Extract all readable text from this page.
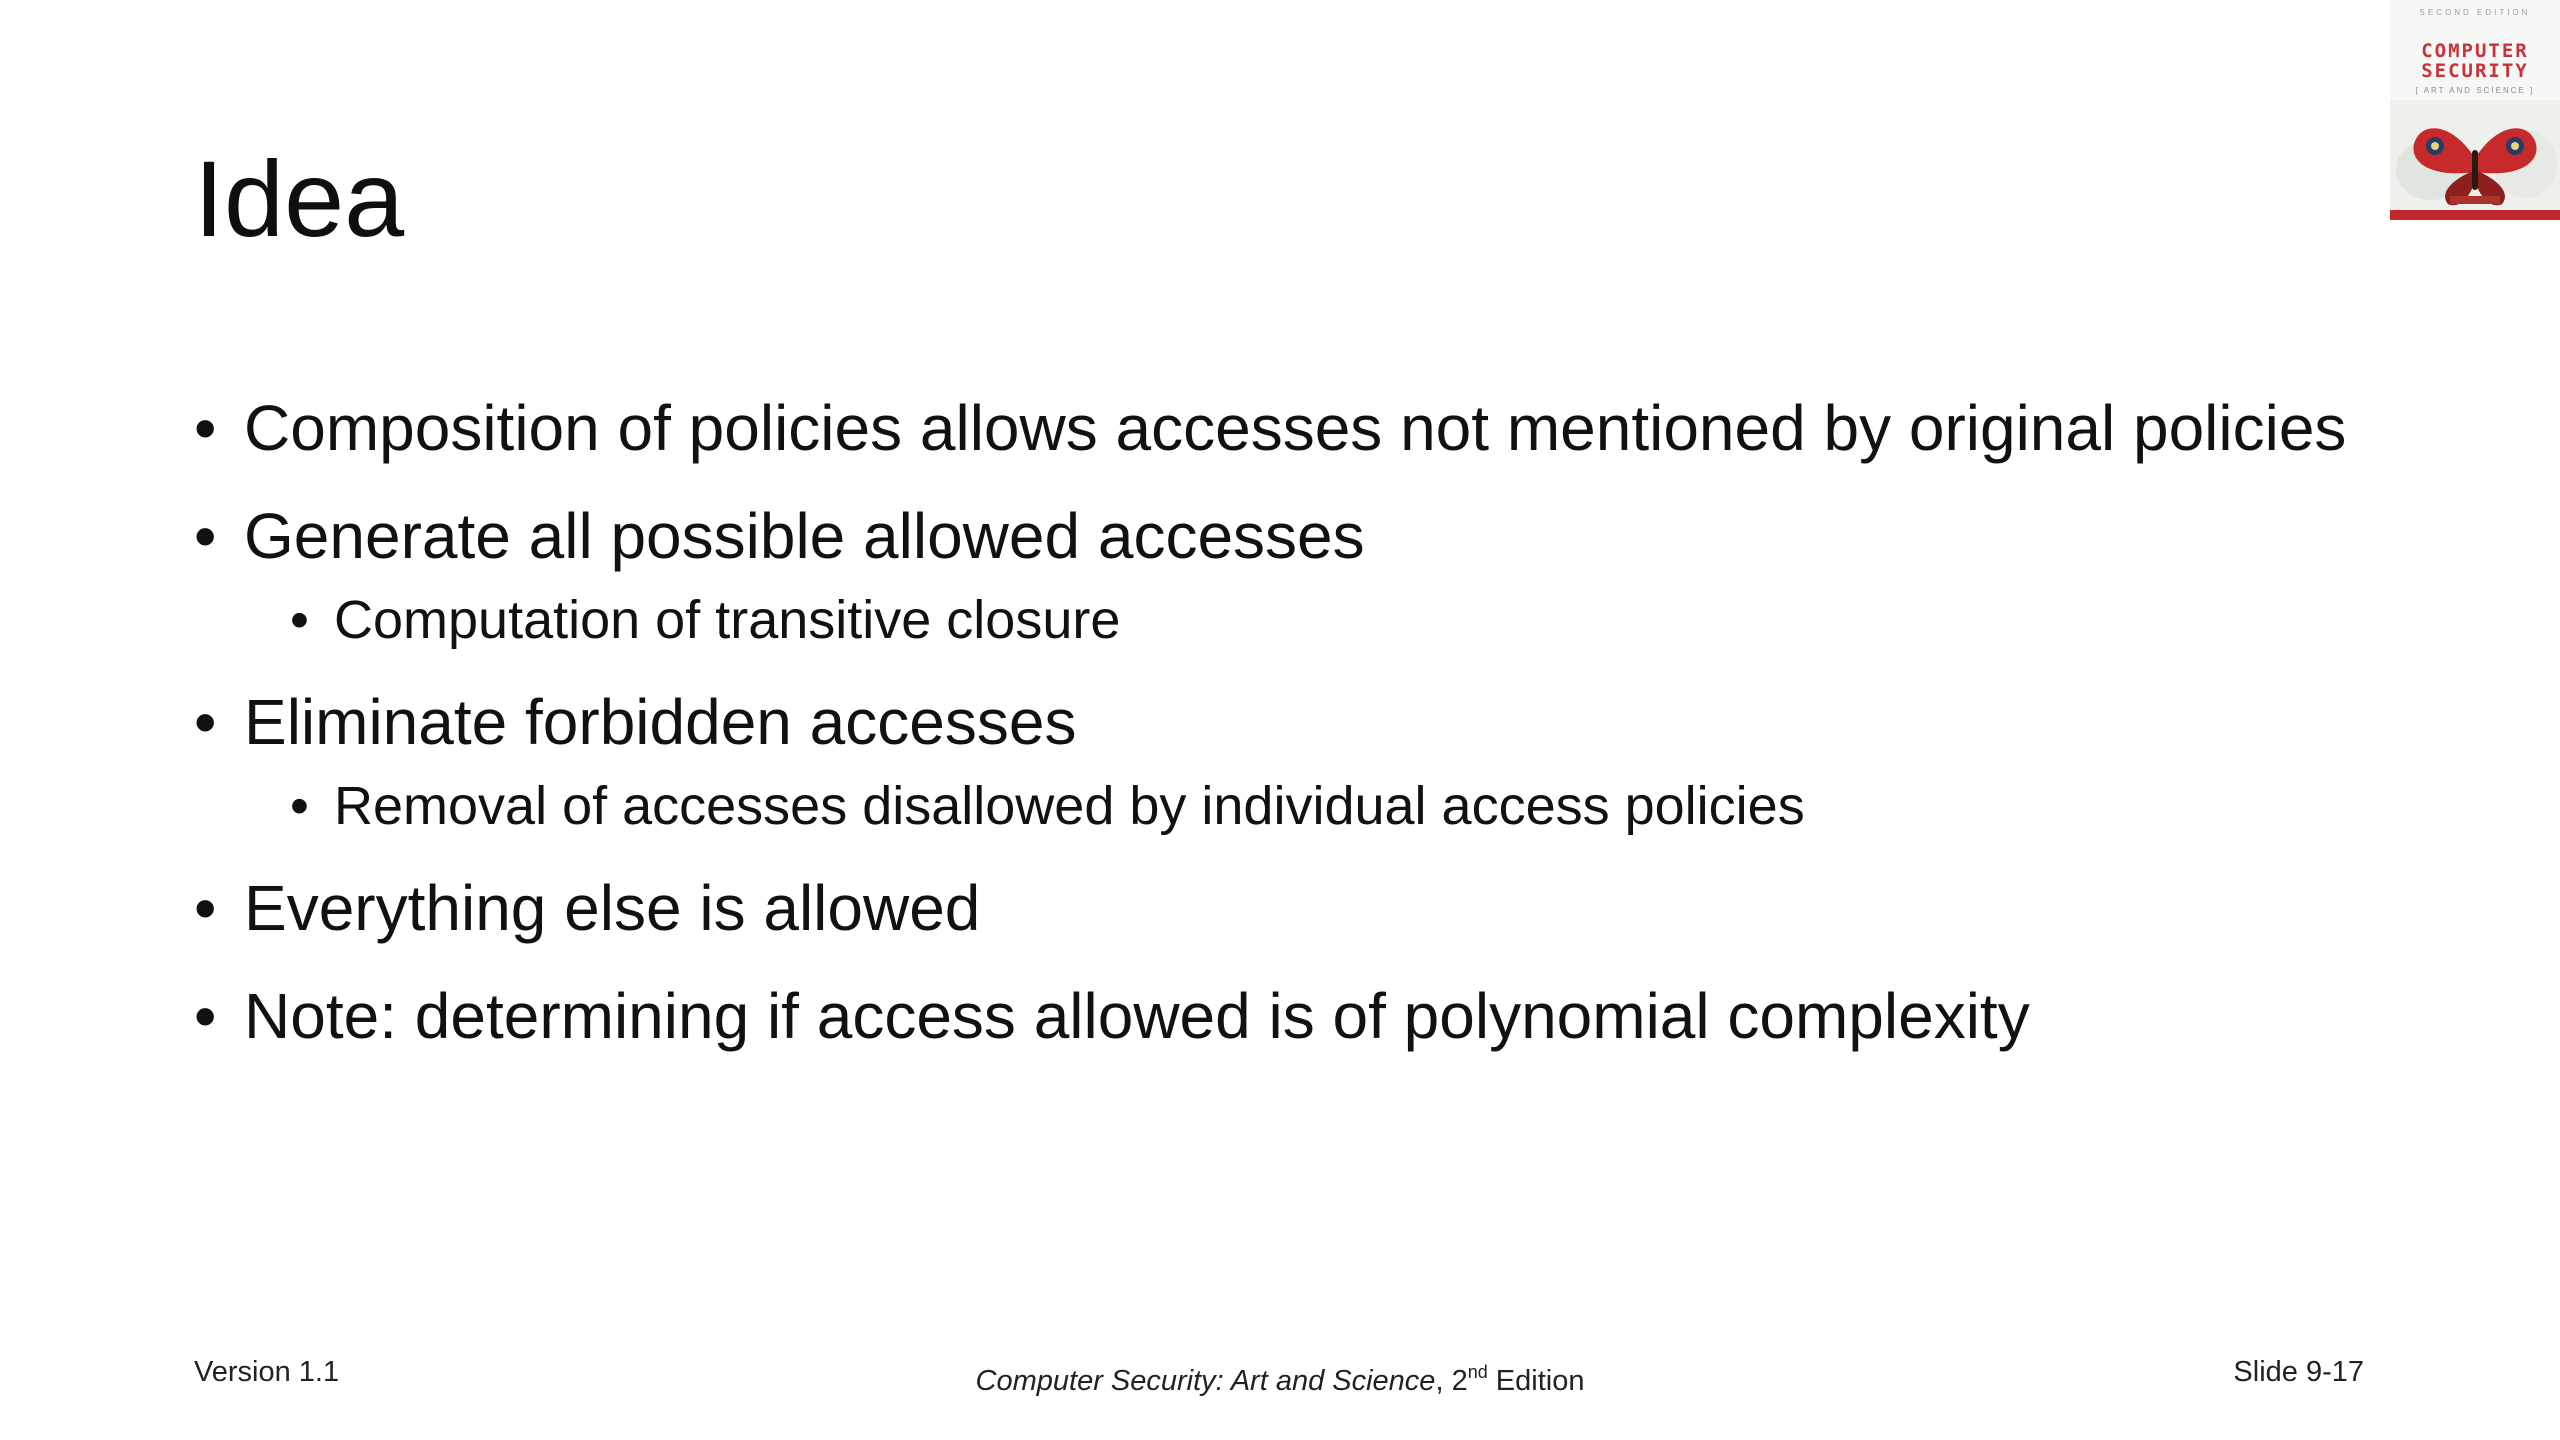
Idea
• Composition of policies allows accesses not mentioned by original policies
• Generate all possible allowed accesses
• Computation of transitive closure
• Eliminate forbidden accesses
• Removal of accesses disallowed by individual access policies
• Everything else is allowed
• Note: determining if access allowed is of polynomial complexity
Version 1.1	Computer Security: Art and Science, 2nd Edition	Slide 9-17
SECOND EDITION
COMPUTER
SECURITY
[ ART AND SCIENCE ]
